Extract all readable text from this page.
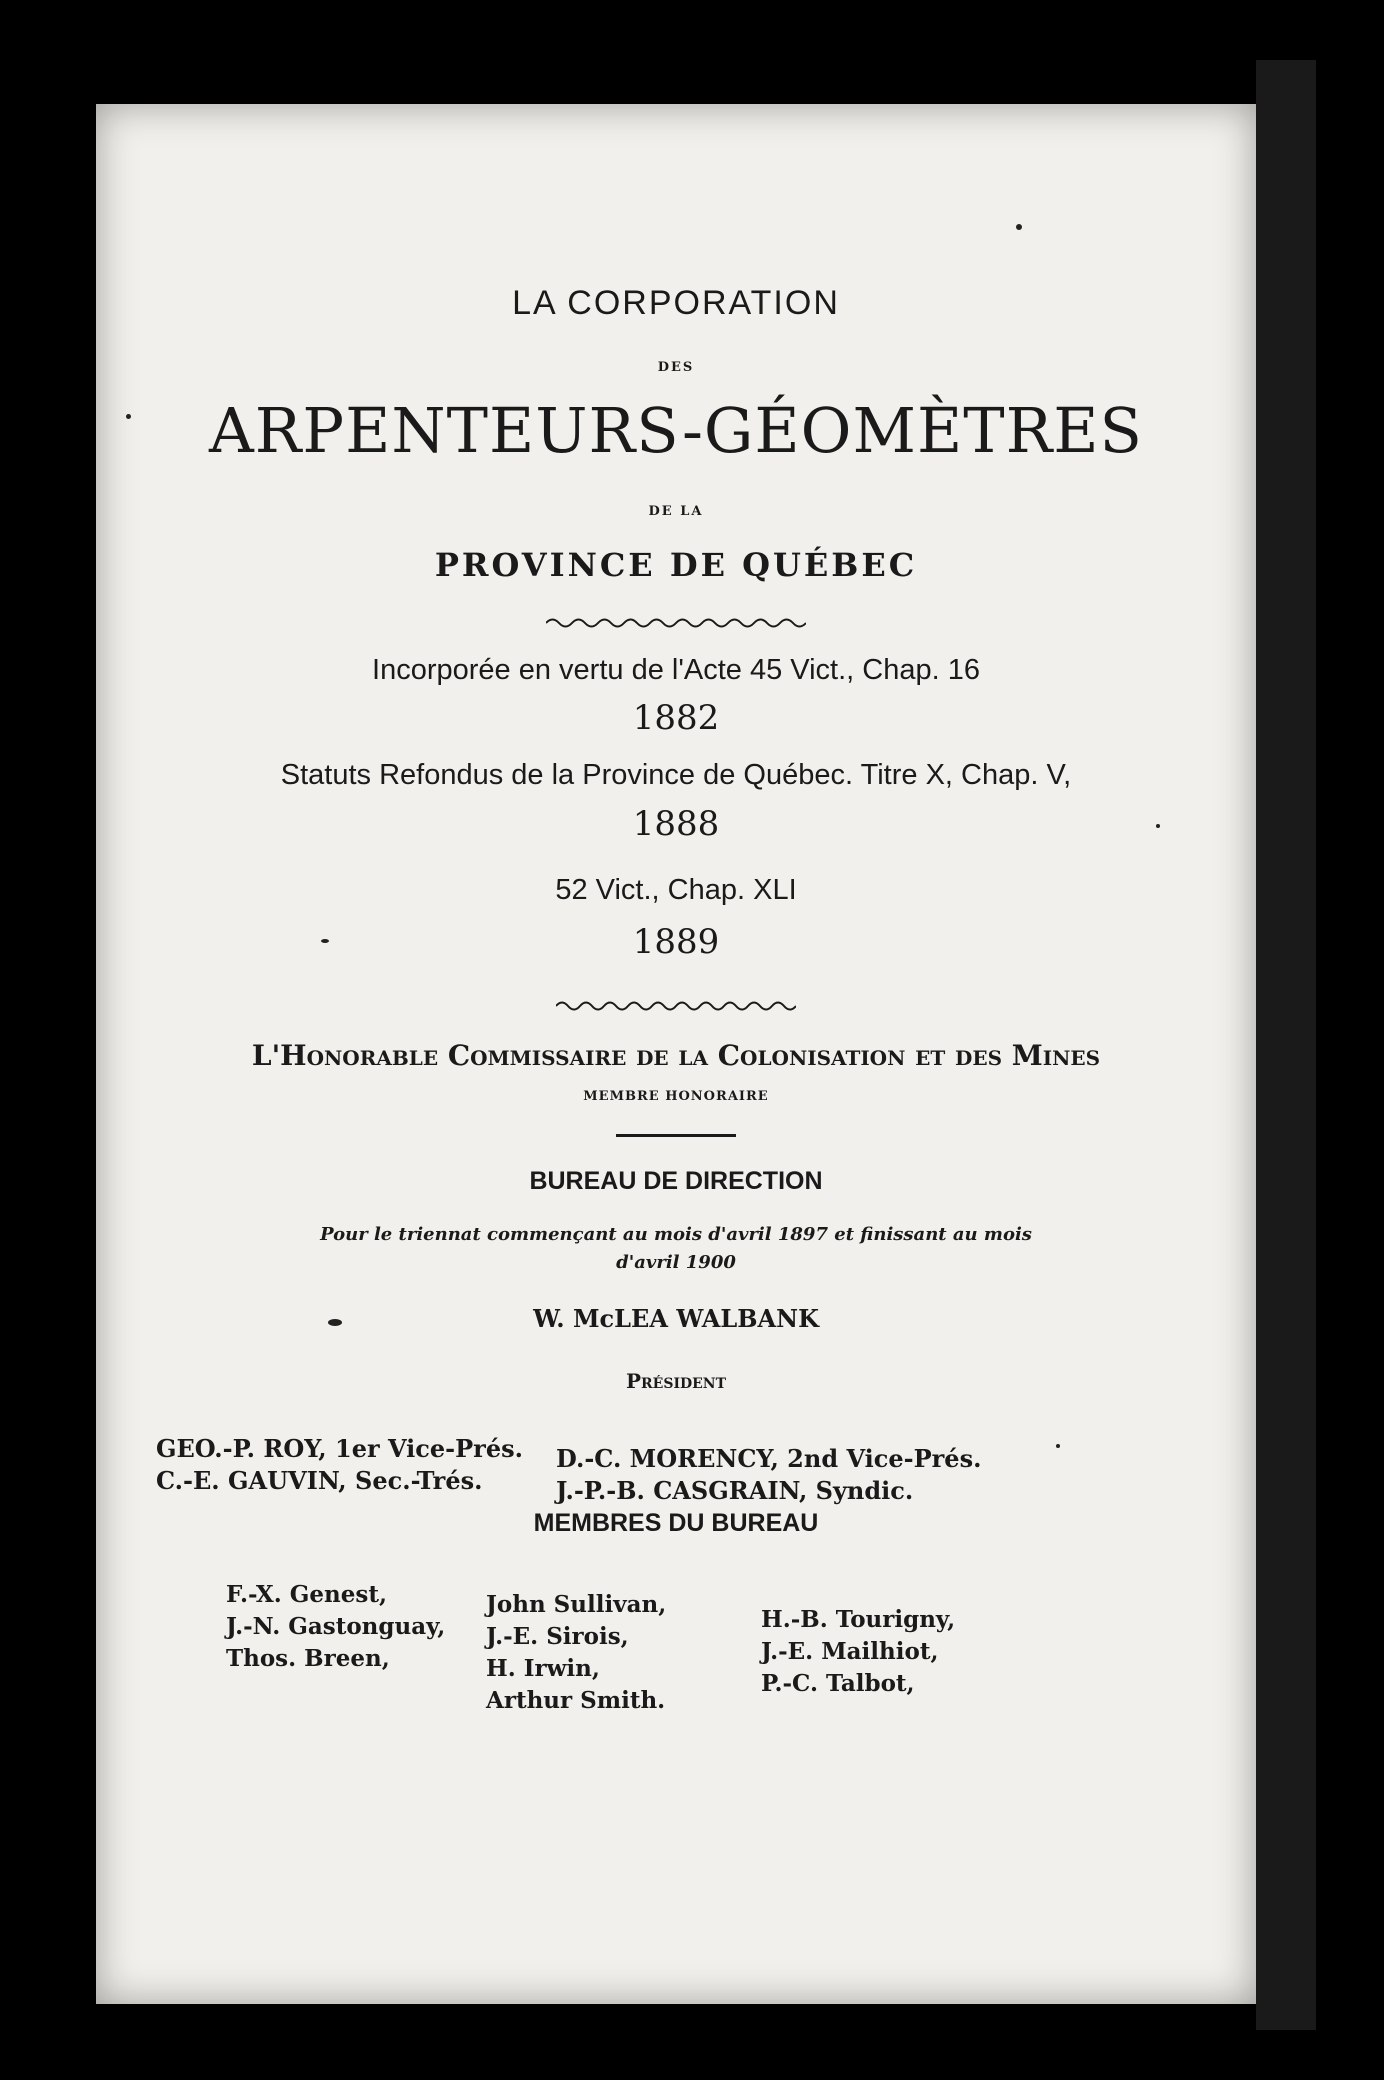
LA CORPORATION
DES
ARPENTEURS-GÉOMÈTRES
DE LA
PROVINCE DE QUÉBEC
Incorporée en vertu de l'Acte 45 Vict., Chap. 16
1882
Statuts Refondus de la Province de Québec. Titre X, Chap. V,
1888
52 Vict., Chap. XLI
1889
L'Honorable Commissaire de la Colonisation et des Mines
MEMBRE HONORAIRE
BUREAU DE DIRECTION
Pour le triennat commençant au mois d'avril 1897 et finissant au mois
d'avril 1900
W. McLEA WALBANK
Président
GEO.-P. ROY, 1er Vice-Prés.
C.-E. GAUVIN, Sec.-Trés.
D.-C. MORENCY, 2nd Vice-Prés.
J.-P.-B. CASGRAIN, Syndic.
MEMBRES DU BUREAU
F.-X. Genest,
J.-N. Gastonguay,
Thos. Breen,
John Sullivan,
J.-E. Sirois,
H. Irwin,
Arthur Smith.
H.-B. Tourigny,
J.-E. Mailhiot,
P.-C. Talbot,
